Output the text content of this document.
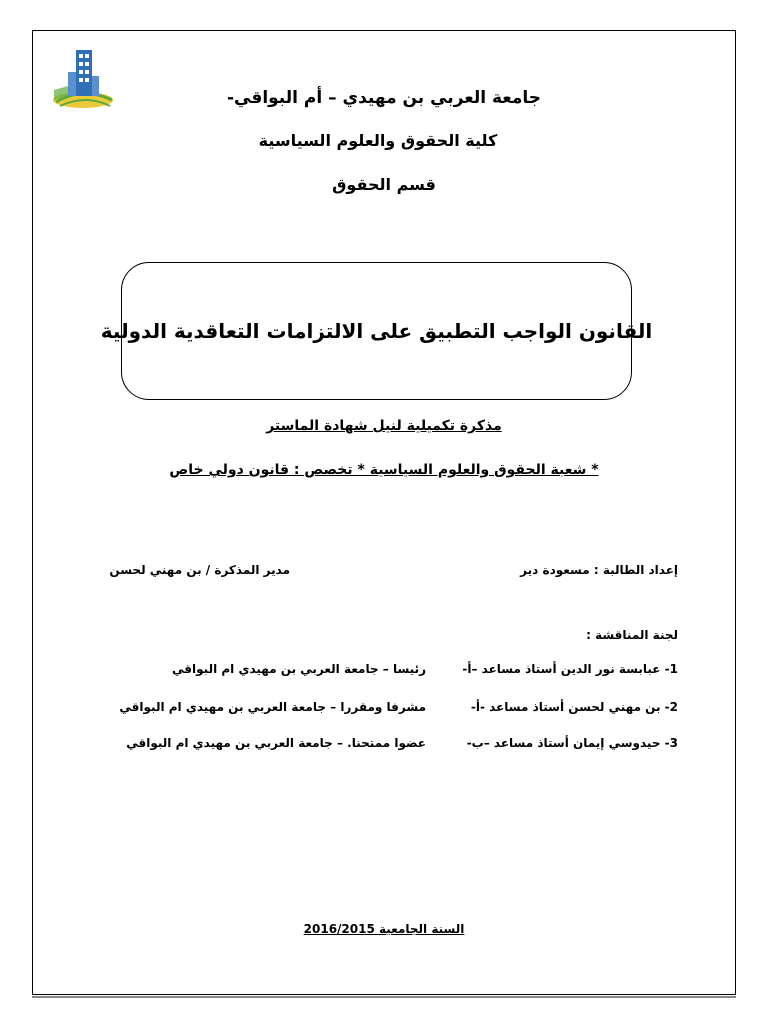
جامعة العربي بن مهيدي – أم البواقي-
كلية الحقوق والعلوم السياسية
قسم الحقوق
القانون الواجب التطبيق على الالتزامات التعاقدية الدولية
مذكرة تكميلية لنيل شهادة الماستر
* شعبة الحقوق والعلوم السياسية * تخصص : قانون دولي خاص
إعداد الطالبة : مسعودة دير
مدير المذكرة / بن مهني لحسن
لجنة المناقشة :
1- عبابسة نور الدين أستاذ مساعد –أ-
رئيسا – جامعة العربي بن مهيدي ام البواقي
2- بن مهني لحسن أستاذ مساعد -أ-
مشرفا ومقررا – جامعة العربي بن مهيدي ام البواقي
3- حيدوسي إيمان أستاذ مساعد –ب-
عضوا ممتحنا. – جامعة العربي بن مهيدي ام البواقي
السنة الجامعية 2016/2015
